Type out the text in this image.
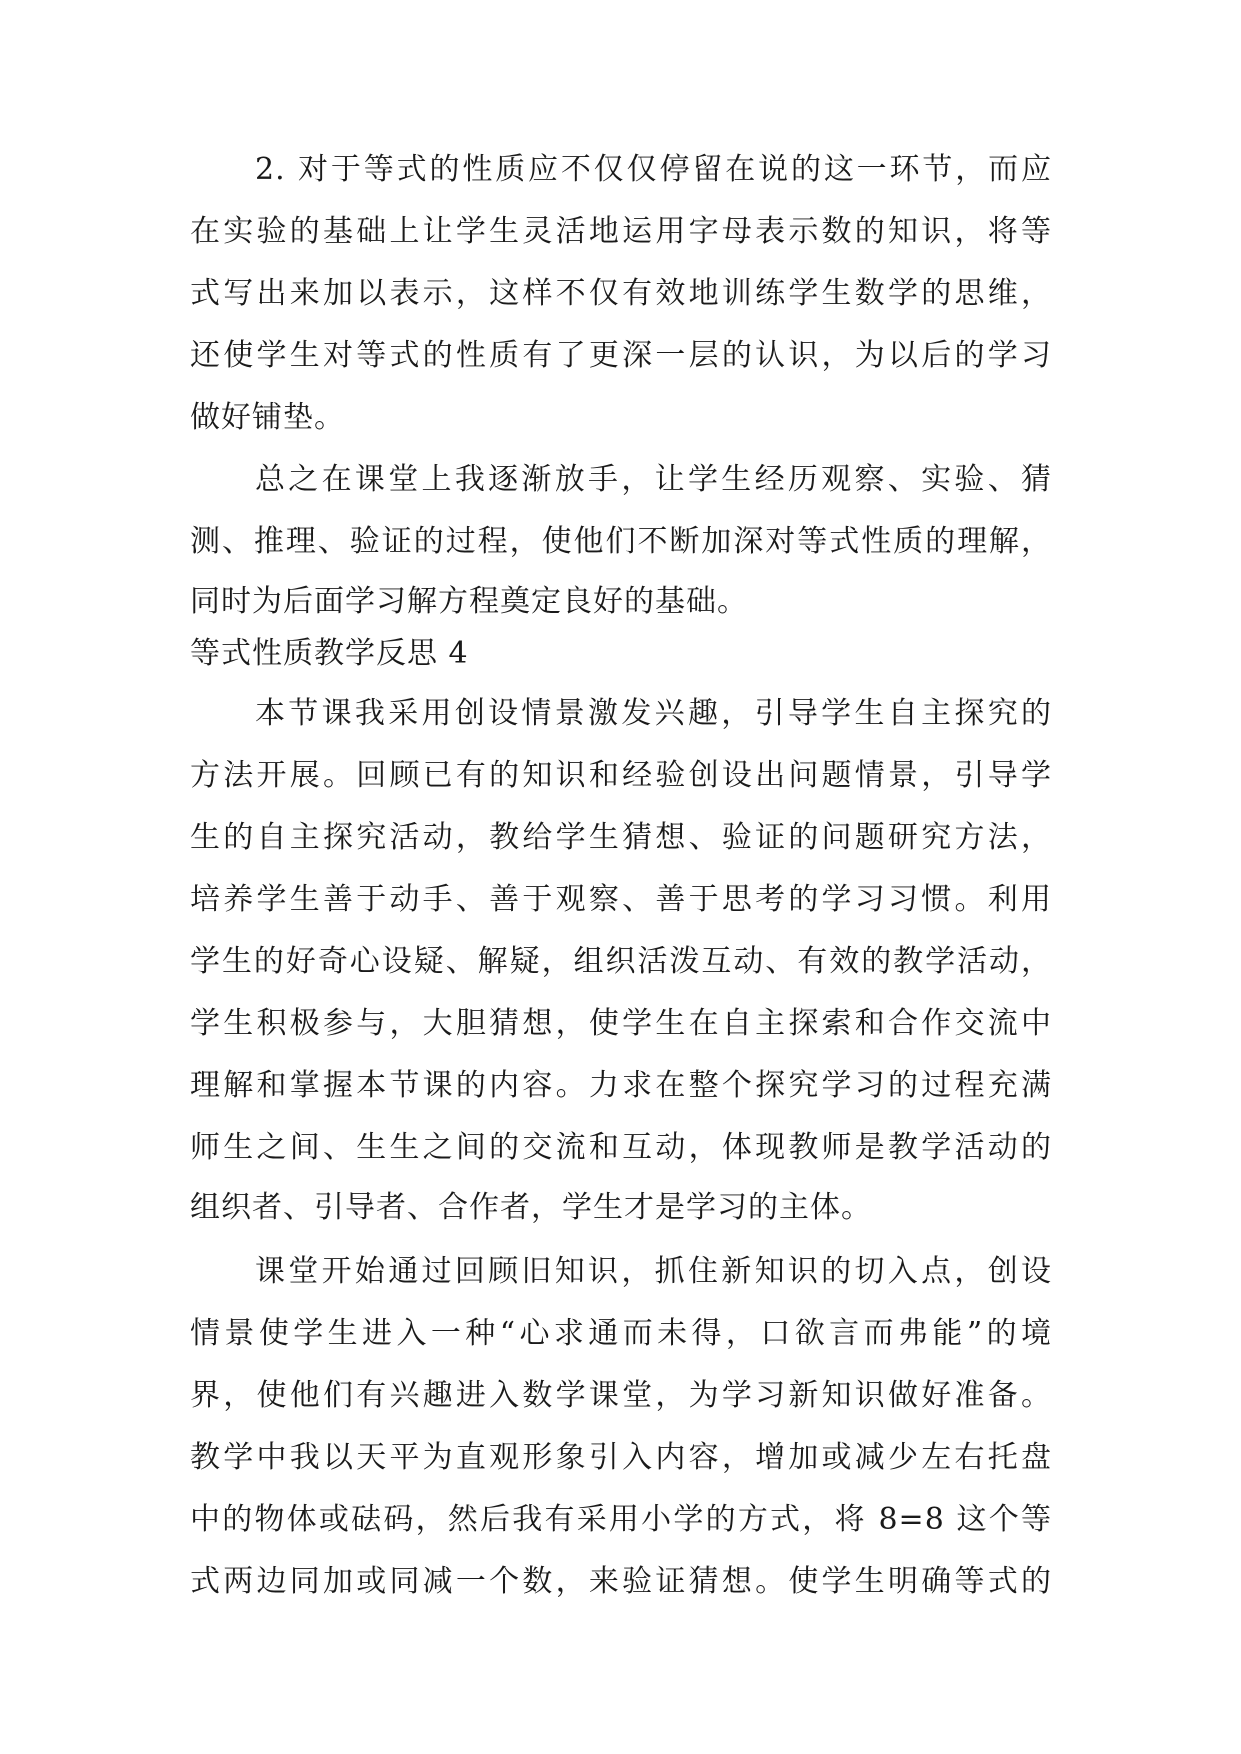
2. 对于等式的性质应不仅仅停留在说的这一环节，而应
在实验的基础上让学生灵活地运用字母表示数的知识，将等
式写出来加以表示，这样不仅有效地训练学生数学的思维，
还使学生对等式的性质有了更深一层的认识，为以后的学习
做好铺垫。
总之在课堂上我逐渐放手，让学生经历观察、实验、猜
测、推理、验证的过程，使他们不断加深对等式性质的理解，
同时为后面学习解方程奠定良好的基础。
等式性质教学反思 4
本节课我采用创设情景激发兴趣，引导学生自主探究的
方法开展。回顾已有的知识和经验创设出问题情景，引导学
生的自主探究活动，教给学生猜想、验证的问题研究方法，
培养学生善于动手、善于观察、善于思考的学习习惯。利用
学生的好奇心设疑、解疑，组织活泼互动、有效的教学活动，
学生积极参与，大胆猜想，使学生在自主探索和合作交流中
理解和掌握本节课的内容。力求在整个探究学习的过程充满
师生之间、生生之间的交流和互动，体现教师是教学活动的
组织者、引导者、合作者，学生才是学习的主体。
课堂开始通过回顾旧知识，抓住新知识的切入点，创设
情景使学生进入一种“心求通而未得，口欲言而弗能”的境
界，使他们有兴趣进入数学课堂，为学习新知识做好准备。
教学中我以天平为直观形象引入内容，增加或减少左右托盘
中的物体或砝码，然后我有采用小学的方式，将 8=8 这个等
式两边同加或同减一个数，来验证猜想。使学生明确等式的
